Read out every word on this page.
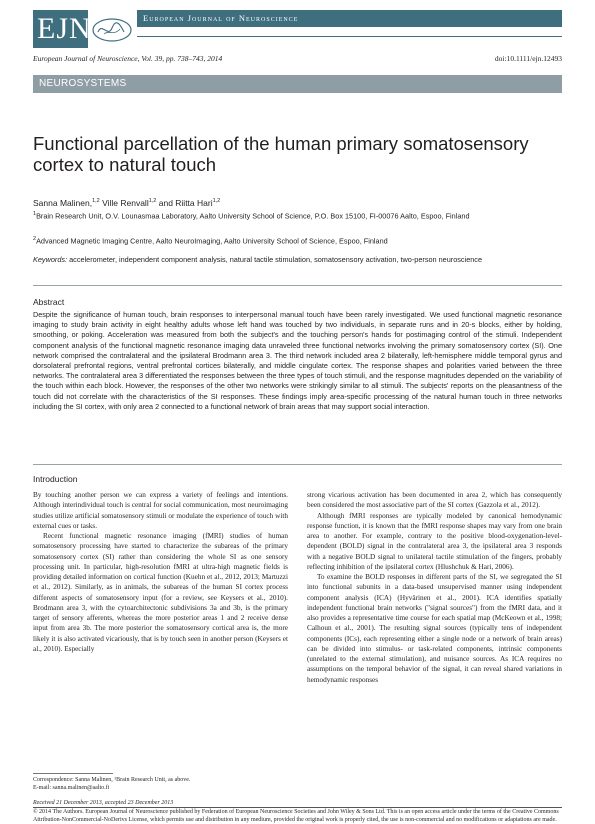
EJN	European Journal of Neuroscience
European Journal of Neuroscience, Vol. 39, pp. 738–743, 2014	doi:10.1111/ejn.12493
NEUROSYSTEMS
Functional parcellation of the human primary somatosensory cortex to natural touch
Sanna Malinen,$^{1,2}$ Ville Renvall$^{1,2}$ and Riitta Hari$^{1,2}$
$^1$Brain Research Unit, O.V. Lounasmaa Laboratory, Aalto University School of Science, P.O. Box 15100, FI-00076 Aalto, Espoo, Finland
$^2$Advanced Magnetic Imaging Centre, Aalto NeuroImaging, Aalto University School of Science, Espoo, Finland
Keywords: accelerometer, independent component analysis, natural tactile stimulation, somatosensory activation, two-person neuroscience
Abstract
Despite the significance of human touch, brain responses to interpersonal manual touch have been rarely investigated. We used functional magnetic resonance imaging to study brain activity in eight healthy adults whose left hand was touched by two individuals, in separate runs and in 20-s blocks, either by holding, smoothing, or poking. Acceleration was measured from both the subject's and the touching person's hands for postimaging control of the stimuli. Independent component analysis of the functional magnetic resonance imaging data unraveled three functional networks involving the primary somatosensory cortex (SI). One network comprised the contralateral and the ipsilateral Brodmann area 3. The third network included area 2 bilaterally, left-hemisphere middle temporal gyrus and dorsolateral prefrontal regions, ventral prefrontal cortices bilaterally, and middle cingulate cortex. The response shapes and polarities varied between the three networks. The contralateral area 3 differentiated the responses between the three types of touch stimuli, and the response magnitudes depended on the variability of the touch within each block. However, the responses of the other two networks were strikingly similar to all stimuli. The subjects' reports on the pleasantness of the touch did not correlate with the characteristics of the SI responses. These findings imply area-specific processing of the natural human touch in three networks including the SI cortex, with only area 2 connected to a functional network of brain areas that may support social interaction.
Introduction

By touching another person we can express a variety of feelings and intentions. Although interindividual touch is central for social communication, most neuroimaging studies utilize artificial somatosensory stimuli or modulate the experience of touch with external cues or tasks.

Recent functional magnetic resonance imaging (fMRI) studies of human somatosensory processing have started to characterize the subareas of the primary somatosensory cortex (SI) rather than considering the whole SI as one sensory processing unit. In particular, high-resolution fMRI at ultra-high magnetic fields is providing detailed information on cortical function (Kuehn et al., 2012, 2013; Martuzzi et al., 2012). Similarly, as in animals, the subareas of the human SI cortex process different aspects of somatosensory input (for a review, see Keysers et al., 2010). Brodmann area 3, with the cytoarchitectonic subdivisions 3a and 3b, is the primary target of sensory afferents, whereas the more posterior areas 1 and 2 receive dense input from area 3b. The more posterior the somatosensory cortical area is, the more likely it is also activated vicariously, that is by touch seen in another person (Keysers et al., 2010). Especially

strong vicarious activation has been documented in area 2, which has consequently been considered the most associative part of the SI cortex (Gazzola et al., 2012).

Although fMRI responses are typically modeled by canonical hemodynamic response function, it is known that the fMRI response shapes may vary from one brain area to another. For example, contrary to the positive blood-oxygenation-level-dependent (BOLD) signal in the contralateral area 3, the ipsilateral area 3 responds with a negative BOLD signal to unilateral tactile stimulation of the fingers, probably reflecting inhibition of the ipsilateral cortex (Hlushchuk & Hari, 2006).

To examine the BOLD responses in different parts of the SI, we segregated the SI into functional subunits in a data-based unsupervised manner using independent component analysis (ICA) (Hyvärinen et al., 2001). ICA identifies spatially independent functional brain networks ("signal sources") from the fMRI data, and it also provides a representative time course for each spatial map (McKeown et al., 1998; Calhoun et al., 2001). The resulting signal sources (typically tens of independent components (ICs), each representing either a single node or a network of brain areas) can be divided into stimulus- or task-related components, intrinsic components (unrelated to the external stimulation), and nuisance sources. As ICA requires no assumptions on the temporal behavior of the signal, it can reveal shared variations in hemodynamic responses

Correspondence: Sanna Malinen, ¹Brain Research Unit, as above.
E-mail: sanna.malinen@aalto.fi
Received 21 December 2013, accepted 23 December 2013
© 2014 The Authors. European Journal of Neuroscience published by Federation of European Neuroscience Societies and John Wiley & Sons Ltd. This is an open access article under the terms of the Creative Commons Attribution-NonCommercial-NoDerivs License, which permits use and distribution in any medium, provided the original work is properly cited, the use is non-commercial and no modifications or adaptations are made.
